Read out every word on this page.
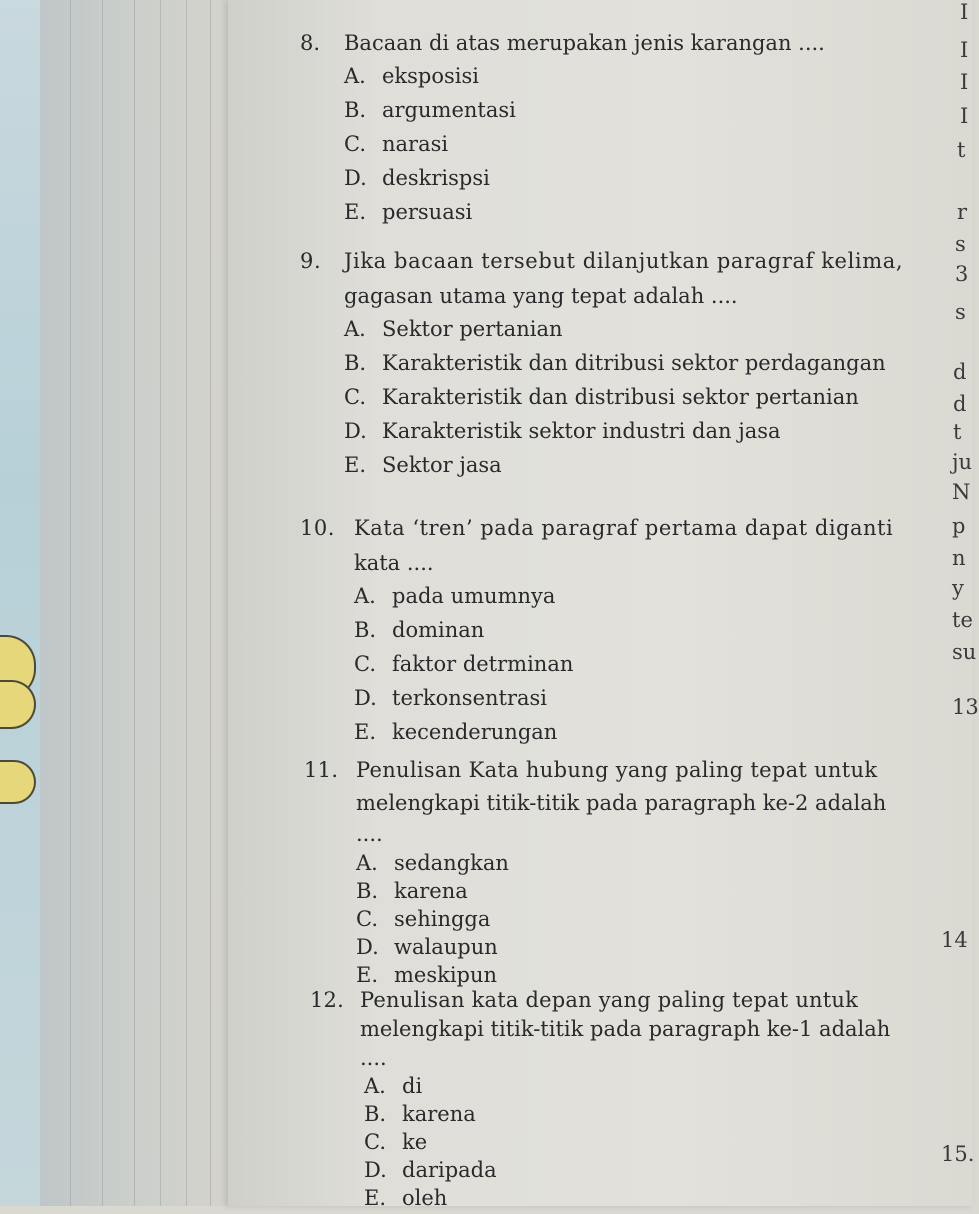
8. Bacaan di atas merupakan jenis karangan ....
A. eksposisi
B. argumentasi
C. narasi
D. deskrispsi
E. persuasi
9. Jika bacaan tersebut dilanjutkan paragraf kelima,
gagasan utama yang tepat adalah ....
A. Sektor pertanian
B. Karakteristik dan ditribusi sektor perdagangan
C. Karakteristik dan distribusi sektor pertanian
D. Karakteristik sektor industri dan jasa
E. Sektor jasa
10. Kata ‘tren’ pada paragraf pertama dapat diganti
kata ....
A. pada umumnya
B. dominan
C. faktor detrminan
D. terkonsentrasi
E. kecenderungan
11. Penulisan Kata hubung yang paling tepat untuk
melengkapi titik-titik pada paragraph ke-2 adalah
....
A. sedangkan
B. karena
C. sehingga
D. walaupun
E. meskipun
12. Penulisan kata depan yang paling tepat untuk
melengkapi titik-titik pada paragraph ke-1 adalah
....
A. di
B. karena
C. ke
D. daripada
E. oleh
I
I
I
I
t
r
s
3
s
d
d
t
ju
N
p
n
y
te
su
13
14
15.
